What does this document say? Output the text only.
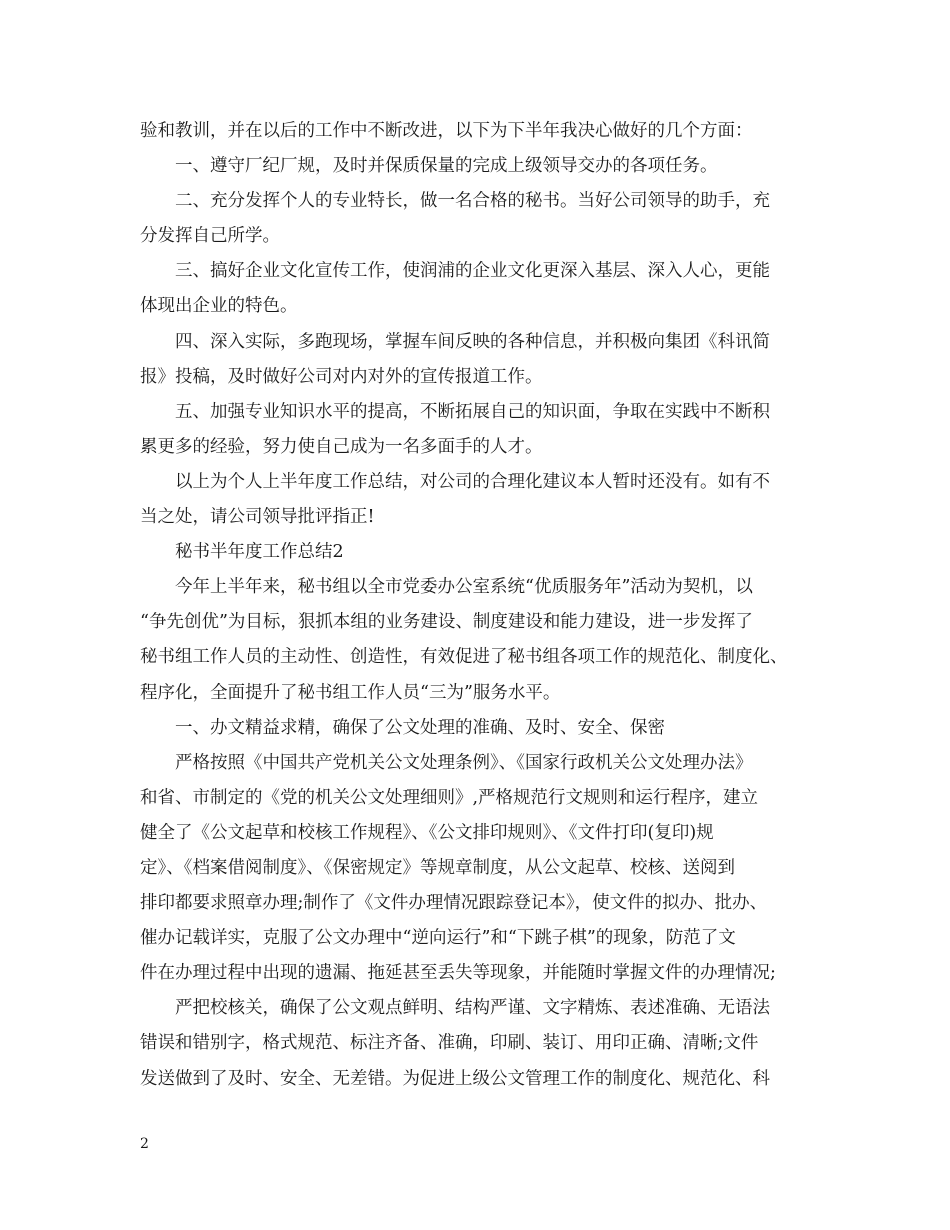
验和教训，并在以后的工作中不断改进，以下为下半年我决心做好的几个方面：
一、遵守厂纪厂规，及时并保质保量的完成上级领导交办的各项任务。
二、充分发挥个人的专业特长，做一名合格的秘书。当好公司领导的助手，充
分发挥自己所学。
三、搞好企业文化宣传工作，使润浦的企业文化更深入基层、深入人心，更能
体现出企业的特色。
四、深入实际，多跑现场，掌握车间反映的各种信息，并积极向集团《科讯简
报》投稿，及时做好公司对内对外的宣传报道工作。
五、加强专业知识水平的提高，不断拓展自己的知识面，争取在实践中不断积
累更多的经验，努力使自己成为一名多面手的人才。
以上为个人上半年度工作总结，对公司的合理化建议本人暂时还没有。如有不
当之处，请公司领导批评指正!
秘书半年度工作总结2
今年上半年来，秘书组以全市党委办公室系统“优质服务年”活动为契机，以
“争先创优”为目标，狠抓本组的业务建设、制度建设和能力建设，进一步发挥了
秘书组工作人员的主动性、创造性，有效促进了秘书组各项工作的规范化、制度化、
程序化，全面提升了秘书组工作人员“三为”服务水平。
一、办文精益求精，确保了公文处理的准确、及时、安全、保密
严格按照《中国共产党机关公文处理条例》、《国家行政机关公文处理办法》
和省、市制定的《党的机关公文处理细则》,严格规范行文规则和运行程序，建立
健全了《公文起草和校核工作规程》、《公文排印规则》、《文件打印(复印)规
定》、《档案借阅制度》、《保密规定》等规章制度，从公文起草、校核、送阅到
排印都要求照章办理;制作了《文件办理情况跟踪登记本》，使文件的拟办、批办、
催办记载详实，克服了公文办理中“逆向运行”和“下跳子棋”的现象，防范了文
件在办理过程中出现的遗漏、拖延甚至丢失等现象，并能随时掌握文件的办理情况;
严把校核关，确保了公文观点鲜明、结构严谨、文字精炼、表述准确、无语法
错误和错别字，格式规范、标注齐备、准确，印刷、装订、用印正确、清晰;文件
发送做到了及时、安全、无差错。为促进上级公文管理工作的制度化、规范化、科
2
